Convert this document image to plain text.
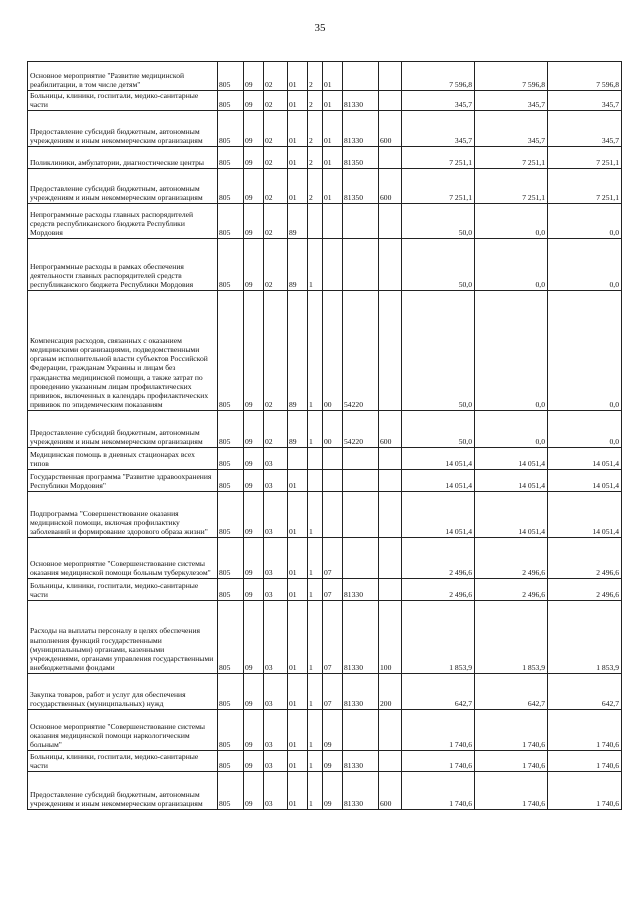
35
Основное мероприятие "Развитие медицинской реабилитации, в том числе детям"	805	09	02	01	2	01			7 596,8	7 596,8	7 596,8
Больницы, клиники, госпитали, медико-санитарные части	805	09	02	01	2	01	81330		345,7	345,7	345,7
Предоставление субсидий бюджетным, автономным учреждениям и иным некоммерческим организациям	805	09	02	01	2	01	81330	600	345,7	345,7	345,7
Поликлиники, амбулатории, диагностические центры	805	09	02	01	2	01	81350		7 251,1	7 251,1	7 251,1
Предоставление субсидий бюджетным, автономным учреждениям и иным некоммерческим организациям	805	09	02	01	2	01	81350	600	7 251,1	7 251,1	7 251,1
Непрограммные расходы главных распорядителей средств республиканского бюджета Республики Мордовия	805	09	02	89					50,0	0,0	0,0
Непрограммные расходы в рамках обеспечения деятельности главных распорядителей средств республиканского бюджета Республики Мордовия	805	09	02	89	1				50,0	0,0	0,0
Компенсация расходов, связанных с оказанием медицинскими организациями, подведомственными органам исполнительной власти субъектов Российской Федерации, гражданам Украины и лицам без гражданства медицинской помощи, а также затрат по проведению указанным лицам профилактических прививок, включенных в календарь профилактических прививок по эпидемическим показаниям	805	09	02	89	1	00	54220		50,0	0,0	0,0
Предоставление субсидий бюджетным, автономным учреждениям и иным некоммерческим организациям	805	09	02	89	1	00	54220	600	50,0	0,0	0,0
Медицинская помощь в дневных стационарах всех типов	805	09	03						14 051,4	14 051,4	14 051,4
Государственная программа "Развитие здравоохранения Республики Мордовия"	805	09	03	01					14 051,4	14 051,4	14 051,4
Подпрограмма "Совершенствование оказания медицинской помощи, включая профилактику заболеваний и формирование здорового образа жизни"	805	09	03	01	1				14 051,4	14 051,4	14 051,4
Основное мероприятие "Совершенствование системы оказания медицинской помощи больным туберкулезом"	805	09	03	01	1	07			2 496,6	2 496,6	2 496,6
Больницы, клиники, госпитали, медико-санитарные части	805	09	03	01	1	07	81330		2 496,6	2 496,6	2 496,6
Расходы на выплаты персоналу в целях обеспечения выполнения функций государственными (муниципальными) органами, казенными учреждениями, органами управления государственными внебюджетными фондами	805	09	03	01	1	07	81330	100	1 853,9	1 853,9	1 853,9
Закупка товаров, работ и услуг для обеспечения государственных (муниципальных) нужд	805	09	03	01	1	07	81330	200	642,7	642,7	642,7
Основное мероприятие "Совершенствование системы оказания медицинской помощи наркологическим больным"	805	09	03	01	1	09			1 740,6	1 740,6	1 740,6
Больницы, клиники, госпитали, медико-санитарные части	805	09	03	01	1	09	81330		1 740,6	1 740,6	1 740,6
Предоставление субсидий бюджетным, автономным учреждениям и иным некоммерческим организациям	805	09	03	01	1	09	81330	600	1 740,6	1 740,6	1 740,6
